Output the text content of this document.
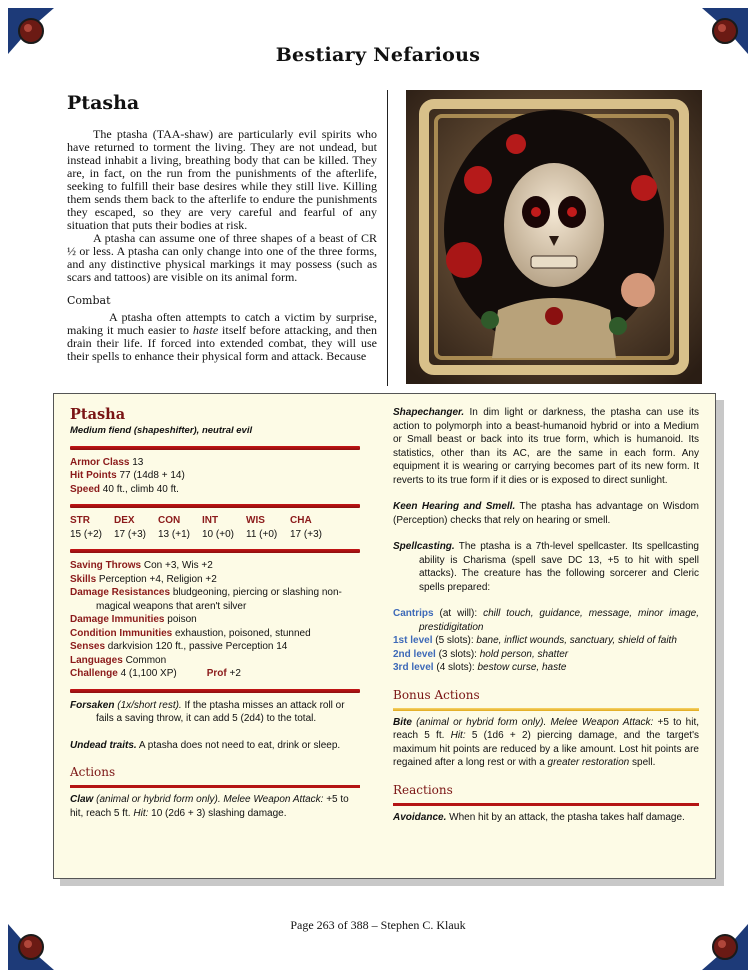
Bestiary Nefarious
Ptasha

The ptasha (TAA-shaw) are particularly evil spirits who have returned to torment the living. They are not undead, but instead inhabit a living, breathing body that can be killed. They are, in fact, on the run from the punishments of the afterlife, seeking to fulfill their base desires while they still live. Killing them sends them back to the afterlife to endure the punishments they escaped, so they are very careful and fearful of any situation that puts their bodies at risk.

A ptasha can assume one of three shapes of a beast of CR ½ or less. A ptasha can only change into one of the three forms, and any distinctive physical markings it may possess (such as scars and tattoos) are visible on its animal form.

Combat

A ptasha often attempts to catch a victim by surprise, making it much easier to haste itself before attacking, and then drain their life. If forced into extended combat, they will use their spells to enhance their physical form and attack. Because

Ptasha
Medium fiend (shapeshifter), neutral evil
Armor Class 13
Hit Points 77 (14d8 + 14)
Speed 40 ft., climb 40 ft.
STR	DEX	CON	INT	WIS	CHA
15 (+2)	17 (+3)	13 (+1)	10 (+0)	11 (+0)	17 (+3)
Saving Throws Con +3, Wis +2
Skills Perception +4, Religion +2
Damage Resistances bludgeoning, piercing or slashing non-magical weapons that aren't silver
Damage Immunities poison
Condition Immunities exhaustion, poisoned, stunned
Senses darkvision 120 ft., passive Perception 14
Languages Common
Challenge 4 (1,100 XP)	Prof +2
Forsaken (1x/short rest). If the ptasha misses an attack roll or fails a saving throw, it can add 5 (2d4) to the total.
Undead traits. A ptasha does not need to eat, drink or sleep.
Actions
Claw (animal or hybrid form only). Melee Weapon Attack: +5 to hit, reach 5 ft. Hit: 10 (2d6 + 3) slashing damage.
Shapechanger. In dim light or darkness, the ptasha can use its action to polymorph into a beast-humanoid hybrid or into a Medium or Small beast or back into its true form, which is humanoid. Its statistics, other than its AC, are the same in each form. Any equipment it is wearing or carrying becomes part of its new form. It reverts to its true form if it dies or is exposed to direct sunlight.
Keen Hearing and Smell. The ptasha has advantage on Wisdom (Perception) checks that rely on hearing or smell.
Spellcasting. The ptasha is a 7th-level spellcaster. Its spellcasting ability is Charisma (spell save DC 13, +5 to hit with spell attacks). The creature has the following sorcerer and Cleric spells prepared:
Cantrips (at will): chill touch, guidance, message, minor image, prestidigitation
1st level (5 slots): bane, inflict wounds, sanctuary, shield of faith
2nd level (3 slots): hold person, shatter
3rd level (4 slots): bestow curse, haste
Bonus Actions
Bite (animal or hybrid form only). Melee Weapon Attack: +5 to hit, reach 5 ft. Hit: 5 (1d6 + 2) piercing damage, and the target's maximum hit points are reduced by a like amount. Lost hit points are regained after a long rest or with a greater restoration spell.
Reactions
Avoidance. When hit by an attack, the ptasha takes half damage.
Page 263 of 388 – Stephen C. Klauk
